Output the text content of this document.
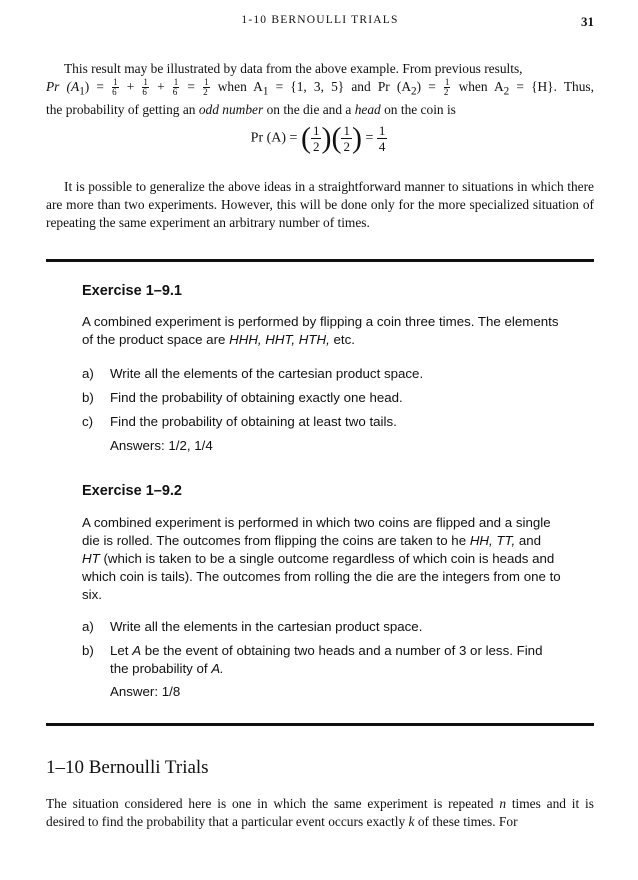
1-10 BERNOULLI TRIALS	31

This result may be illustrated by data from the above example. From previous results,

Pr $(A_1) = \frac{1}{6} + \frac{1}{6} + \frac{1}{6} = \frac{1}{2}$ when $A_1 = \{1$, 3, 5} and Pr $(A_2) = \frac{1}{2}$ when $A_2 = \{H\}$. Thus,

the probability of getting an odd number on the die and a head on the coin is

Pr (A) = ( $\frac{1}{2}$ )( $\frac{1}{2}$ ) = $\frac{1}{4}$
It is possible to generalize the above ideas in a straightforward manner to situations in which there are more than two experiments. However, this will be done only for the more specialized situation of repeating the same experiment an arbitrary number of times.
Exercise 1–9.1
A combined experiment is performed by flipping a coin three times. The elements of the product space are HHH, HHT, HTH, etc.
a) Write all the elements of the cartesian product space.
b) Find the probability of obtaining exactly one head.
c) Find the probability of obtaining at least two tails.
Answers: 1/2, 1/4
Exercise 1–9.2
A combined experiment is performed in which two coins are flipped and a single die is rolled. The outcomes from flipping the coins are taken to he HH, TT, and HT (which is taken to be a single outcome regardless of which coin is heads and which coin is tails). The outcomes from rolling the die are the integers from one to six.
a) Write all the elements in the cartesian product space.
b) Let A be the event of obtaining two heads and a number of 3 or less. Find the probability of A.
Answer: 1/8
1–10 Bernoulli Trials
The situation considered here is one in which the same experiment is repeated n times and it is desired to find the probability that a particular event occurs exactly k of these times. For
